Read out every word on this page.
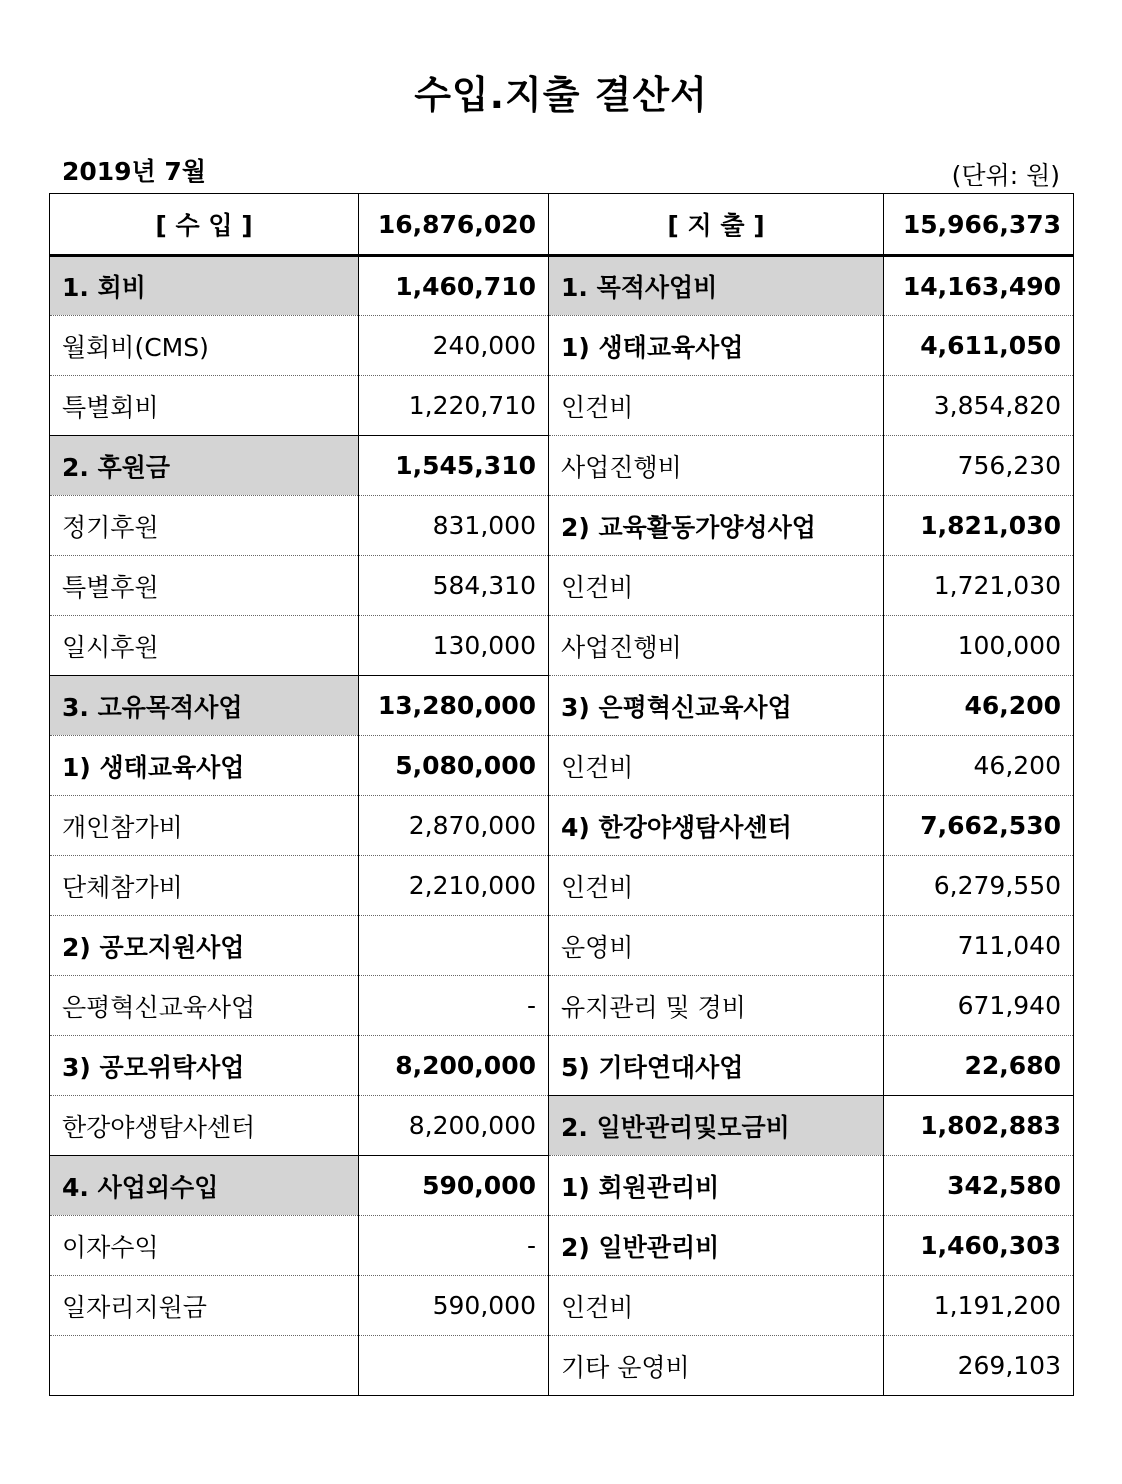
수입.지출 결산서
2019년 7월	(단위: 원)
[ 수 입 ]	16,876,020	[ 지 출 ]	15,966,373
1. 회비	1,460,710	1. 목적사업비	14,163,490
월회비(CMS)	240,000	1) 생태교육사업	4,611,050
특별회비	1,220,710	인건비	3,854,820
2. 후원금	1,545,310	사업진행비	756,230
정기후원	831,000	2) 교육활동가양성사업	1,821,030
특별후원	584,310	인건비	1,721,030
일시후원	130,000	사업진행비	100,000
3. 고유목적사업	13,280,000	3) 은평혁신교육사업	46,200
1) 생태교육사업	5,080,000	인건비	46,200
개인참가비	2,870,000	4) 한강야생탐사센터	7,662,530
단체참가비	2,210,000	인건비	6,279,550
2) 공모지원사업		운영비	711,040
은평혁신교육사업	-	유지관리 및 경비	671,940
3) 공모위탁사업	8,200,000	5) 기타연대사업	22,680
한강야생탐사센터	8,200,000	2. 일반관리및모금비	1,802,883
4. 사업외수입	590,000	1) 회원관리비	342,580
이자수익	-	2) 일반관리비	1,460,303
일자리지원금	590,000	인건비	1,191,200
		기타 운영비	269,103
